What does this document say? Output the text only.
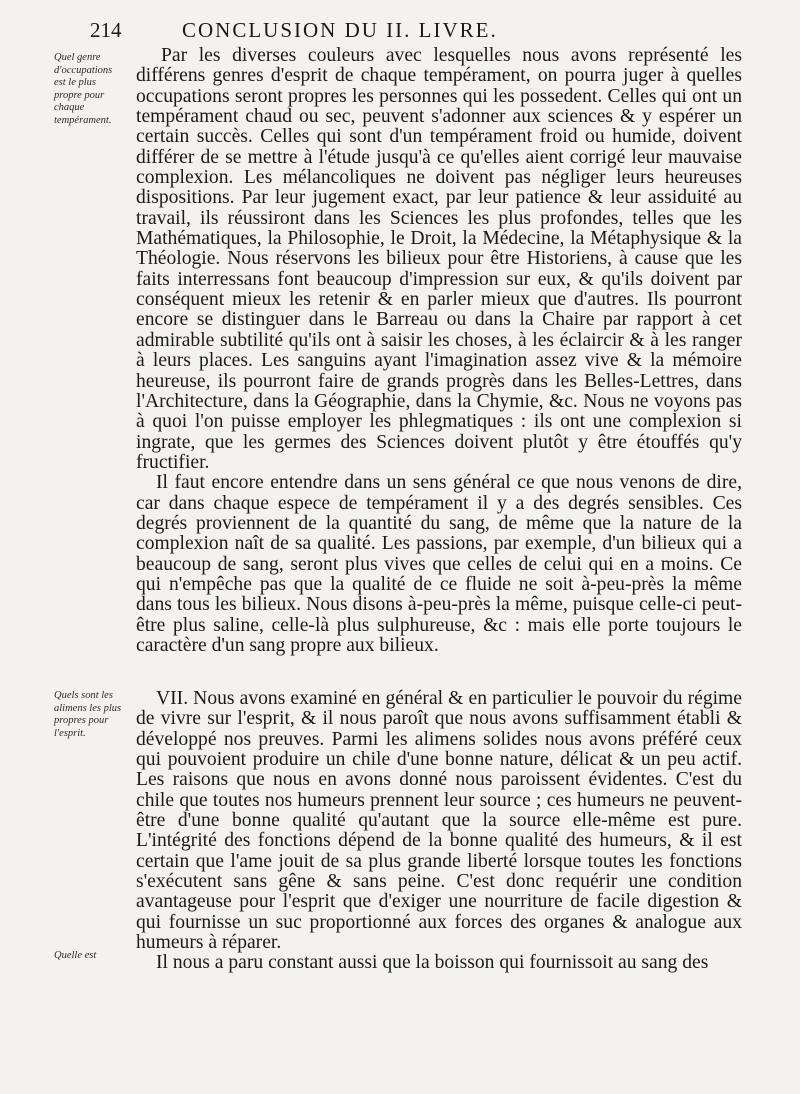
214	CONCLUSION DU II. LIVRE.
Quel genre d'occupations est le plus propre pour chaque tempérament.
Quels sont les alimens les plus propres pour l'esprit.
Quelle est

Par les diverses couleurs avec lesquelles nous avons représenté les différens genres d'esprit de chaque tempérament, on pourra juger à quelles occupations seront propres les personnes qui les possedent. Celles qui ont un tempérament chaud ou sec, peuvent s'adonner aux sciences & y espérer un certain succès. Celles qui sont d'un tempérament froid ou humide, doivent différer de se mettre à l'étude jusqu'à ce qu'elles aient corrigé leur mauvaise complexion. Les mélancoliques ne doivent pas négliger leurs heureuses dispositions. Par leur jugement exact, par leur patience & leur assiduité au travail, ils réussiront dans les Sciences les plus profondes, telles que les Mathématiques, la Philosophie, le Droit, la Médecine, la Métaphysique & la Théologie. Nous réservons les bilieux pour être Historiens, à cause que les faits interressans font beaucoup d'impression sur eux, & qu'ils doivent par conséquent mieux les retenir & en parler mieux que d'autres. Ils pourront encore se distinguer dans le Barreau ou dans la Chaire par rapport à cet admirable subtilité qu'ils ont à saisir les choses, à les éclaircir & à les ranger à leurs places. Les sanguins ayant l'imagination assez vive & la mémoire heureuse, ils pourront faire de grands progrès dans les Belles-Lettres, dans l'Architecture, dans la Géographie, dans la Chymie, &c. Nous ne voyons pas à quoi l'on puisse employer les phlegmatiques : ils ont une complexion si ingrate, que les germes des Sciences doivent plutôt y être étouffés qu'y fructifier.

Il faut encore entendre dans un sens général ce que nous venons de dire, car dans chaque espece de tempérament il y a des degrés sensibles. Ces degrés proviennent de la quantité du sang, de même que la nature de la complexion naît de sa qualité. Les passions, par exemple, d'un bilieux qui a beaucoup de sang, seront plus vives que celles de celui qui en a moins. Ce qui n'empêche pas que la qualité de ce fluide ne soit à-peu-près la même dans tous les bilieux. Nous disons à-peu-près la même, puisque celle-ci peut-être plus saline, celle-là plus sulphureuse, &c : mais elle porte toujours le caractère d'un sang propre aux bilieux.

VII. Nous avons examiné en général & en particulier le pouvoir du régime de vivre sur l'esprit, & il nous paroît que nous avons suffisamment établi & développé nos preuves. Parmi les alimens solides nous avons préféré ceux qui pouvoient produire un chile d'une bonne nature, délicat & un peu actif. Les raisons que nous en avons donné nous paroissent évidentes. C'est du chile que toutes nos humeurs prennent leur source ; ces humeurs ne peuvent-être d'une bonne qualité qu'autant que la source elle-même est pure. L'intégrité des fonctions dépend de la bonne qualité des humeurs, & il est certain que l'ame jouit de sa plus grande liberté lorsque toutes les fonctions s'exécutent sans gêne & sans peine. C'est donc requérir une condition avantageuse pour l'esprit que d'exiger une nourriture de facile digestion & qui fournisse un suc proportionné aux forces des organes & analogue aux humeurs à réparer.

Il nous a paru constant aussi que la boisson qui fournissoit au sang des
